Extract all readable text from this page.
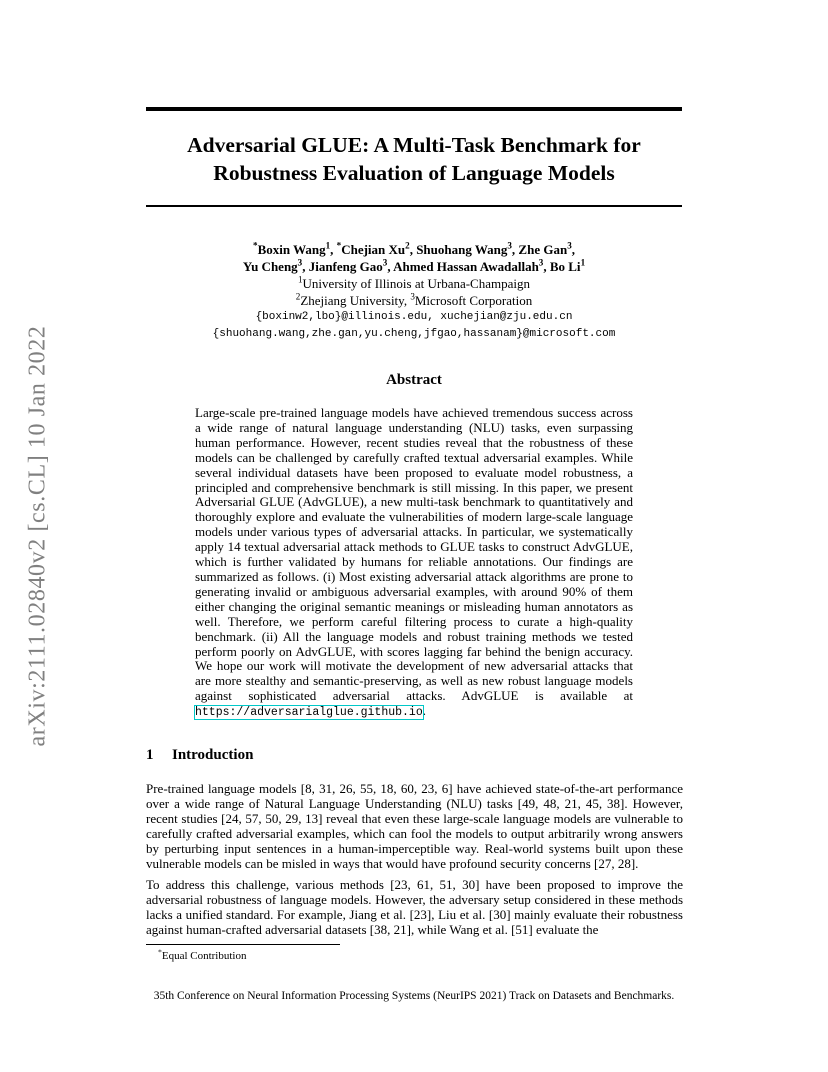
arXiv:2111.02840v2 [cs.CL] 10 Jan 2022
Adversarial GLUE: A Multi-Task Benchmark for
Robustness Evaluation of Language Models
*Boxin Wang$^1$, *Chejian Xu$^2$, Shuohang Wang$^3$, Zhe Gan$^3$,
Yu Cheng$^3$, Jianfeng Gao$^3$, Ahmed Hassan Awadallah$^3$, Bo Li$^1$
$^1$University of Illinois at Urbana-Champaign
$^2$Zhejiang University, $^3$Microsoft Corporation
{boxinw2,lbo}@illinois.edu, xuchejian@zju.edu.cn
{shuohang.wang,zhe.gan,yu.cheng,jfgao,hassanam}@microsoft.com
Abstract
Large-scale pre-trained language models have achieved tremendous success across a wide range of natural language understanding (NLU) tasks, even surpassing human performance. However, recent studies reveal that the robustness of these models can be challenged by carefully crafted textual adversarial examples. While several individual datasets have been proposed to evaluate model robustness, a principled and comprehensive benchmark is still missing. In this paper, we present Adversarial GLUE (AdvGLUE), a new multi-task benchmark to quantitatively and thoroughly explore and evaluate the vulnerabilities of modern large-scale language models under various types of adversarial attacks. In particular, we systematically apply 14 textual adversarial attack methods to GLUE tasks to construct AdvGLUE, which is further validated by humans for reliable annotations. Our findings are summarized as follows. (i) Most existing adversarial attack algorithms are prone to generating invalid or ambiguous adversarial examples, with around 90% of them either changing the original semantic meanings or misleading human annotators as well. Therefore, we perform careful filtering process to curate a high-quality benchmark. (ii) All the language models and robust training methods we tested perform poorly on AdvGLUE, with scores lagging far behind the benign accuracy. We hope our work will motivate the development of new adversarial attacks that are more stealthy and semantic-preserving, as well as new robust language models against sophisticated adversarial attacks. AdvGLUE is available at https://adversarialglue.github.io.
1 Introduction
Pre-trained language models [8, 31, 26, 55, 18, 60, 23, 6] have achieved state-of-the-art performance over a wide range of Natural Language Understanding (NLU) tasks [49, 48, 21, 45, 38]. However, recent studies [24, 57, 50, 29, 13] reveal that even these large-scale language models are vulnerable to carefully crafted adversarial examples, which can fool the models to output arbitrarily wrong answers by perturbing input sentences in a human-imperceptible way. Real-world systems built upon these vulnerable models can be misled in ways that would have profound security concerns [27, 28].
To address this challenge, various methods [23, 61, 51, 30] have been proposed to improve the adversarial robustness of language models. However, the adversary setup considered in these methods lacks a unified standard. For example, Jiang et al. [23], Liu et al. [30] mainly evaluate their robustness against human-crafted adversarial datasets [38, 21], while Wang et al. [51] evaluate the
*Equal Contribution
35th Conference on Neural Information Processing Systems (NeurIPS 2021) Track on Datasets and Benchmarks.
